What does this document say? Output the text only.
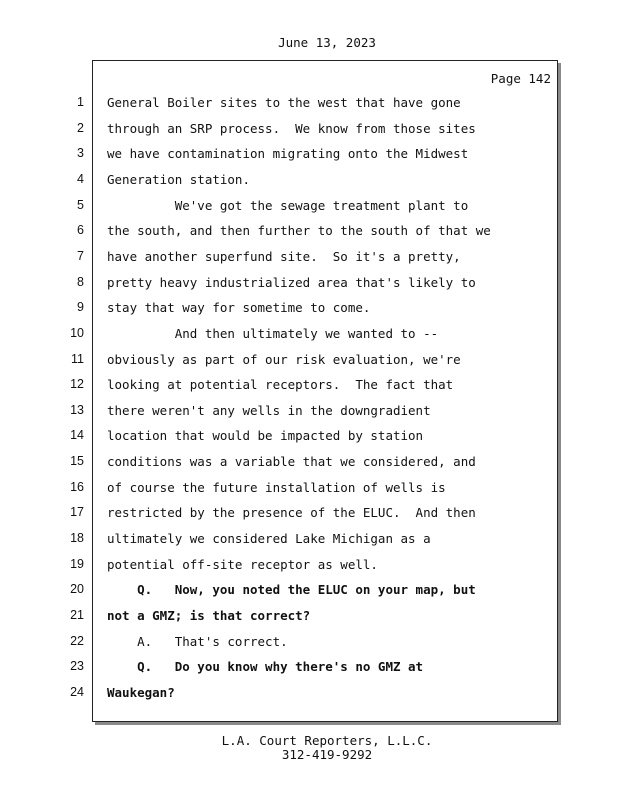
June 13, 2023
Page 142
1 General Boiler sites to the west that have gone
2 through an SRP process.  We know from those sites
3 we have contamination migrating onto the Midwest
4 Generation station.
5 We've got the sewage treatment plant to
6 the south, and then further to the south of that we
7 have another superfund site.  So it's a pretty,
8 pretty heavy industrialized area that's likely to
9 stay that way for sometime to come.
10 And then ultimately we wanted to --
11 obviously as part of our risk evaluation, we're
12 looking at potential receptors.  The fact that
13 there weren't any wells in the downgradient
14 location that would be impacted by station
15 conditions was a variable that we considered, and
16 of course the future installation of wells is
17 restricted by the presence of the ELUC.  And then
18 ultimately we considered Lake Michigan as a
19 potential off-site receptor as well.
20 Q.   Now, you noted the ELUC on your map, but
21 not a GMZ; is that correct?
22 A.   That's correct.
23 Q.   Do you know why there's no GMZ at
24 Waukegan?
L.A. Court Reporters, L.L.C.
312-419-9292
